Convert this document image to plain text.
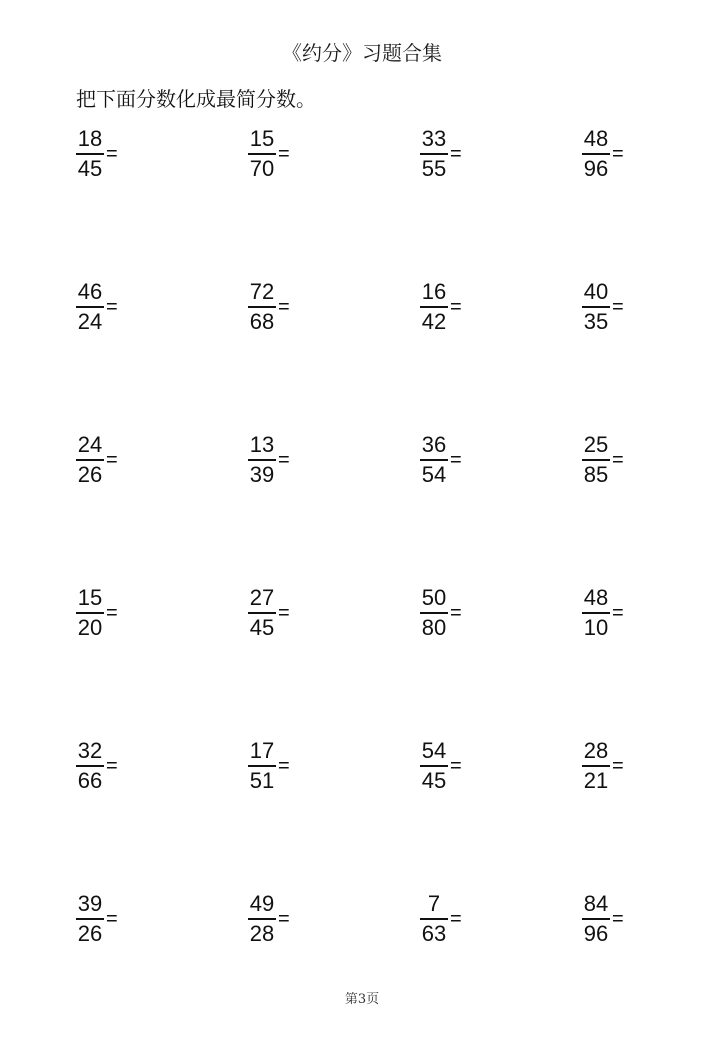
《约分》习题合集
把下面分数化成最简分数。
$\frac{18}{45}$ =	$\frac{15}{70}$ =	$\frac{33}{55}$ =	$\frac{48}{96}$ =
$\frac{46}{24}$ =	$\frac{72}{68}$ =	$\frac{16}{42}$ =	$\frac{40}{35}$ =
$\frac{24}{26}$ =	$\frac{13}{39}$ =	$\frac{36}{54}$ =	$\frac{25}{85}$ =
$\frac{15}{20}$ =	$\frac{27}{45}$ =	$\frac{50}{80}$ =	$\frac{48}{10}$ =
$\frac{32}{66}$ =	$\frac{17}{51}$ =	$\frac{54}{45}$ =	$\frac{28}{21}$ =
$\frac{39}{26}$ =	$\frac{49}{28}$ =	$\frac{7}{63}$ =	$\frac{84}{96}$ =
第3页
